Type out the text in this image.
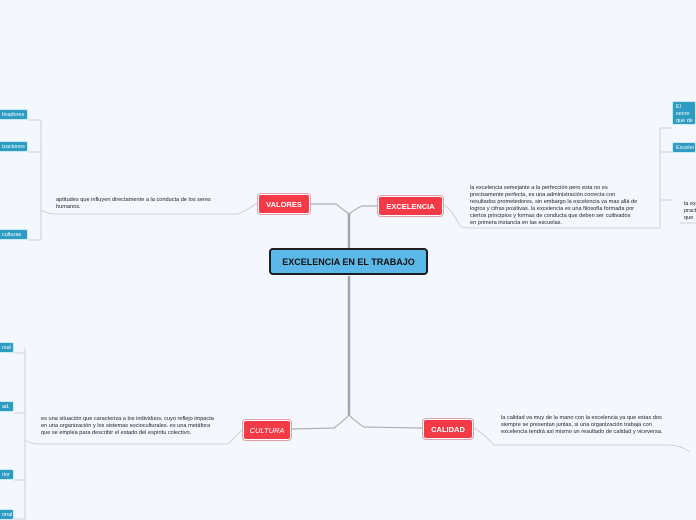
EXCELENCIA EN EL TRABAJO
VALORES	EXCELENCIA
CULTURA	CALIDAD
aptitudes que influyen directamente a la conducta de los seres humanos.
la excelencia semejante a la perfección pero esta no es precisamente perfecta, es una administración correcta con resultados prometedores, sin embargo la excelencia va mas allá de logros y cifras positivas. la excelencia es una filosofía formada por ciertos principios y formas de conducta que deben ser cultivados en primera instancia en las escuelas.
es una situación que caracteriza a los individuos, cuyo reflejo impacta en una organización y los sistemas socioculturales. es una metáfora que se emplea para describir el estado del espíritu colectivo.
la calidad va muy de la mano con la excelencia ya que estas dos siempre se presentan juntas, si una organización trabaja con excelencia tendrá así mismo un resultado de calidad y viceversa.
tivadores
izaciones
culturas
El secre
que de
parte d
Exceler
la ex
pract
que
rsal
ad.
rior
onal
